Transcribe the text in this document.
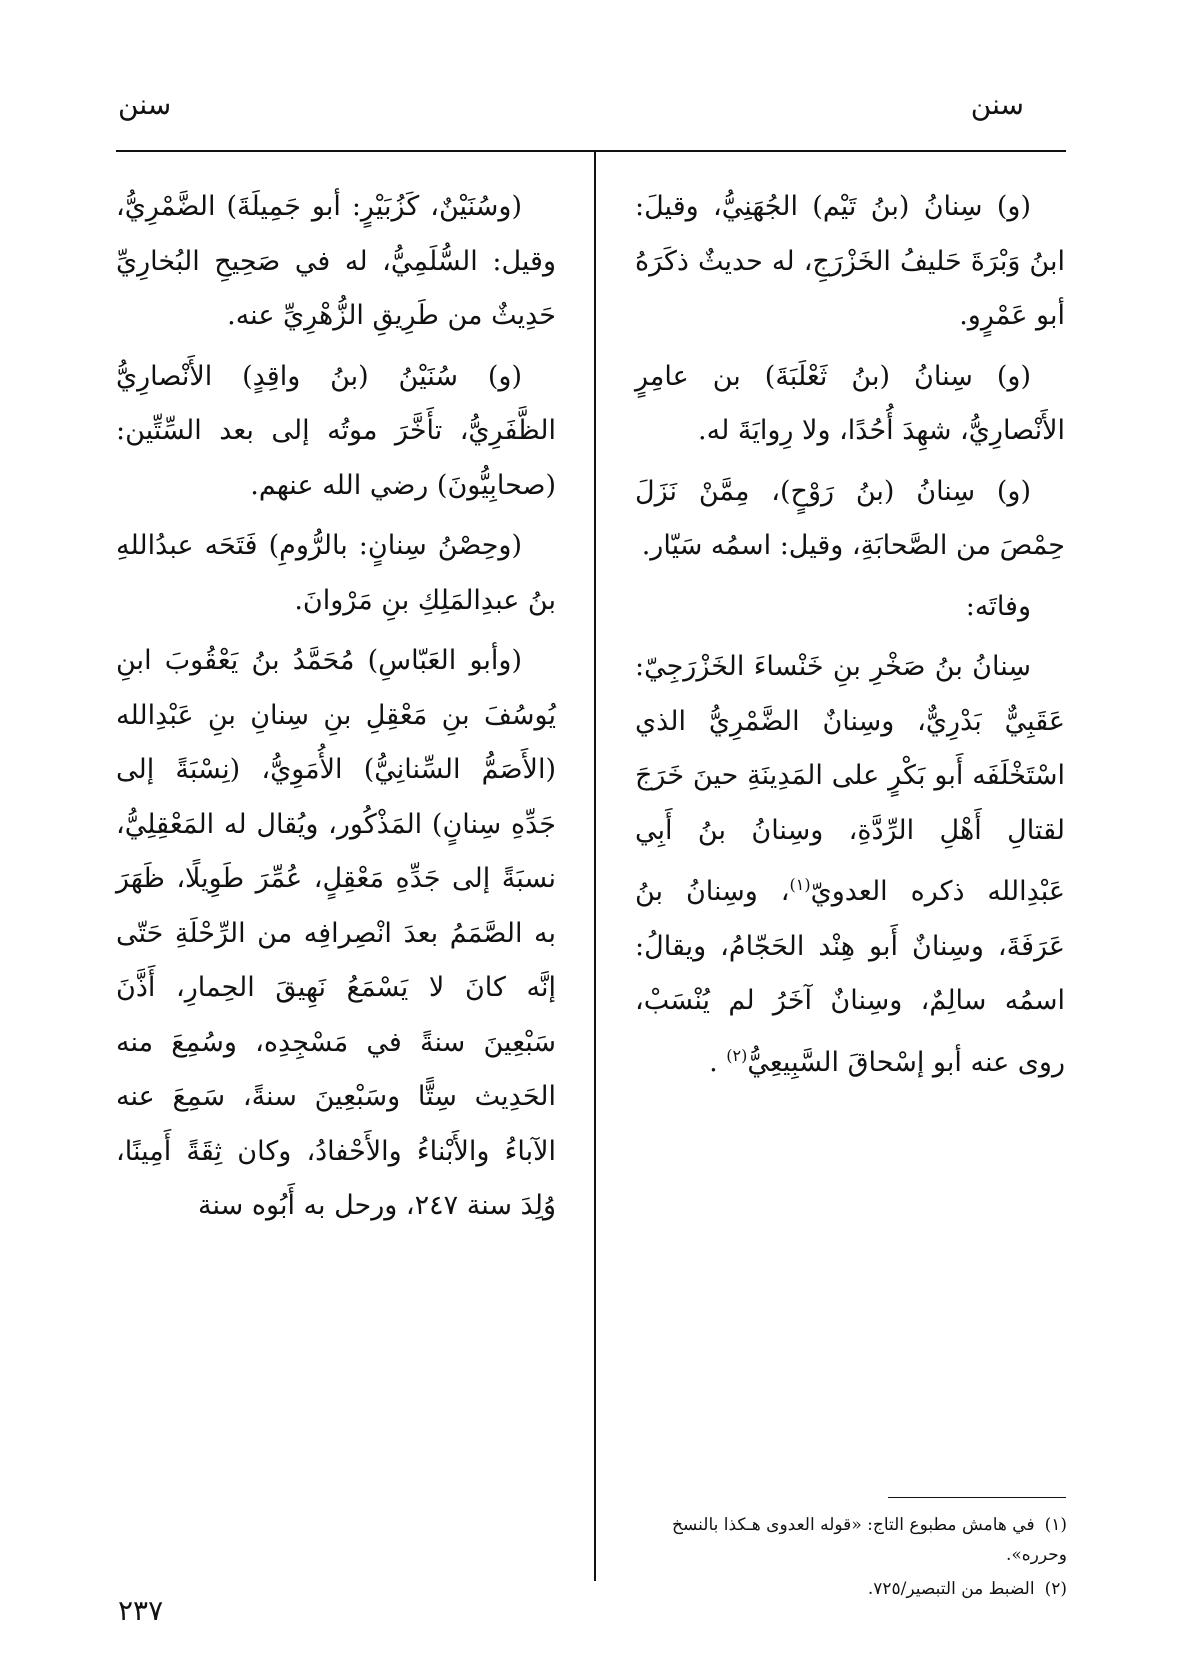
سنن
سنن

(و) سِنانُ (بنُ تَيْم) الجُهَنِيُّ، وقيلَ: ابنُ وَبْرَةَ حَليفُ الخَزْرَجِ، له حديثٌ ذكَرَهُ أبو عَمْرٍو.

(و) سِنانُ (بنُ ثَعْلَبَةَ) بن عامِرٍ الأَنْصارِيُّ، شهِدَ أُحُدًا، ولا رِوايَةَ له.

(و) سِنانُ (بنُ رَوْحٍ)، مِمَّنْ نَزَلَ حِمْصَ من الصَّحابَةِ، وقيل: اسمُه سَيّار.

وفاتَه:

سِنانُ بنُ صَخْرِ بنِ خَنْساءَ الخَزْرَجِيّ: عَقَبِيٌّ بَدْرِيٌّ، وسِنانٌ الضَّمْرِيُّ الذي اسْتَخْلَفَه أَبو بَكْرٍ على المَدِينَةِ حينَ خَرَجَ لقتالِ أَهْلِ الرِّدَّةِ، وسِنانُ بنُ أَبِي عَبْدِالله ذكره العدويّ$^{(١)}$، وسِنانُ بنُ عَرَفَةَ، وسِنانٌ أَبو هِنْد الحَجّامُ، ويقالُ: اسمُه سالِمٌ، وسِنانٌ آخَرُ لم يُنْسَبْ، روى عنه أبو إسْحاقَ السَّبِيعِيُّ$^{(٢)}$ .

(وسُنَيْنٌ، كَزُبَيْرٍ: أبو جَمِيلَةَ) الضَّمْرِيُّ، وقيل: السُّلَمِيُّ، له في صَحِيحِ البُخارِيِّ حَدِيثٌ من طَرِيقِ الزُّهْرِيِّ عنه.

(و) سُنَيْنُ (بنُ واقِدٍ) الأَنْصارِيُّ الظَّفَرِيُّ، تأَخَّرَ موتُه إلى بعد السِّتِّين: (صحابِيُّونَ) رضي الله عنهم.

(وحِصْنُ سِنانٍ: بالرُّومِ) فَتَحَه عبدُاللهِ بنُ عبدِالمَلِكِ بنِ مَرْوانَ.

(وأبو العَبّاسِ) مُحَمَّدُ بنُ يَعْقُوبَ ابنِ يُوسُفَ بنِ مَعْقِلِ بنِ سِنانِ بنِ عَبْدِالله (الأَصَمُّ السِّنانِيُّ) الأُمَوِيُّ، (نِسْبَةً إلى جَدِّهِ سِنانٍ) المَذْكُور، ويُقال له المَعْقِلِيُّ، نسبَةً إلى جَدِّهِ مَعْقِلٍ، عُمِّرَ طَوِيلًا، ظَهَرَ به الصَّمَمُ بعدَ انْصِرافِه من الرِّحْلَةِ حَتّى إنَّه كانَ لا يَسْمَعُ نَهِيقَ الحِمارِ، أَذَّنَ سَبْعِينَ سنةً في مَسْجِدِه، وسُمِعَ منه الحَدِيث سِتًّا وسَبْعِينَ سنةً، سَمِعَ عنه الآباءُ والأَبْناءُ والأَحْفادُ، وكان ثِقَةً أَمِينًا، وُلِدَ سنة ٢٤٧، ورحل به أَبُوه سنة

(١)في هامش مطبوع التاج: «قوله العدوى هـكذا بالنسخ وحرره».

(٢)الضبط من التبصير/٧٢٥.

٢٣٧
